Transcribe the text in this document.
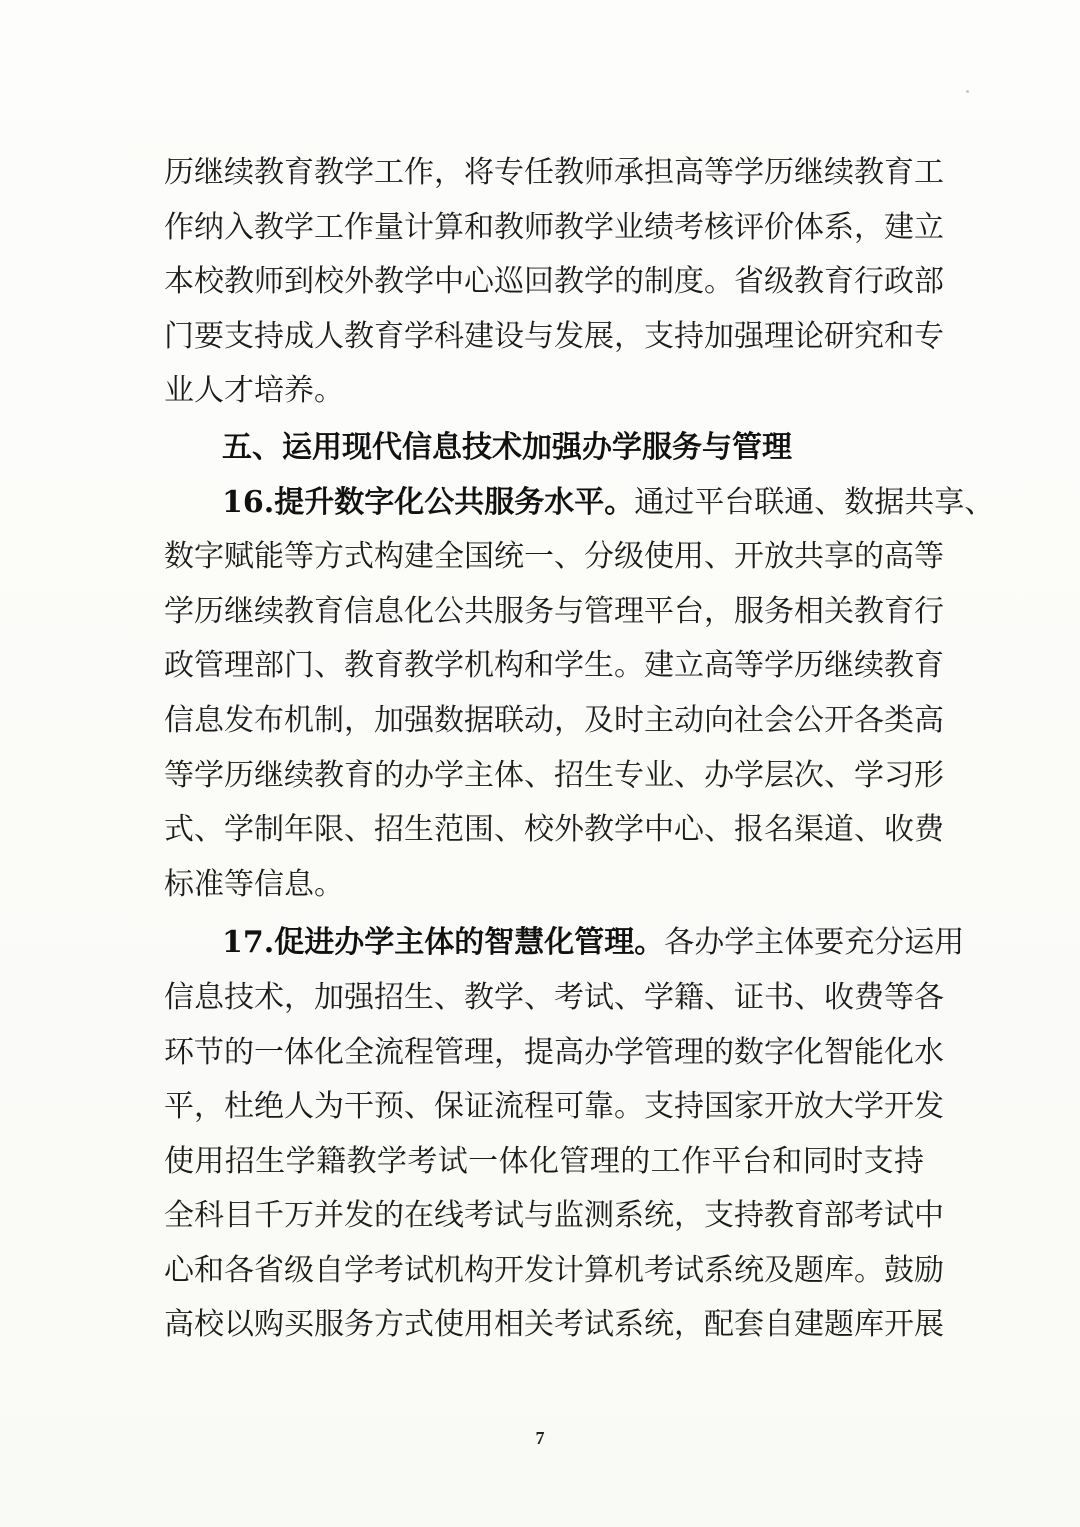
历继续教育教学工作，将专任教师承担高等学历继续教育工
作纳入教学工作量计算和教师教学业绩考核评价体系，建立
本校教师到校外教学中心巡回教学的制度。省级教育行政部
门要支持成人教育学科建设与发展，支持加强理论研究和专
业人才培养。
五、运用现代信息技术加强办学服务与管理
16.提升数字化公共服务水平。通过平台联通、数据共享、
数字赋能等方式构建全国统一、分级使用、开放共享的高等
学历继续教育信息化公共服务与管理平台，服务相关教育行
政管理部门、教育教学机构和学生。建立高等学历继续教育
信息发布机制，加强数据联动，及时主动向社会公开各类高
等学历继续教育的办学主体、招生专业、办学层次、学习形
式、学制年限、招生范围、校外教学中心、报名渠道、收费
标准等信息。
17.促进办学主体的智慧化管理。各办学主体要充分运用
信息技术，加强招生、教学、考试、学籍、证书、收费等各
环节的一体化全流程管理，提高办学管理的数字化智能化水
平，杜绝人为干预、保证流程可靠。支持国家开放大学开发
使用招生学籍教学考试一体化管理的工作平台和同时支持
全科目千万并发的在线考试与监测系统，支持教育部考试中
心和各省级自学考试机构开发计算机考试系统及题库。鼓励
高校以购买服务方式使用相关考试系统，配套自建题库开展
7
